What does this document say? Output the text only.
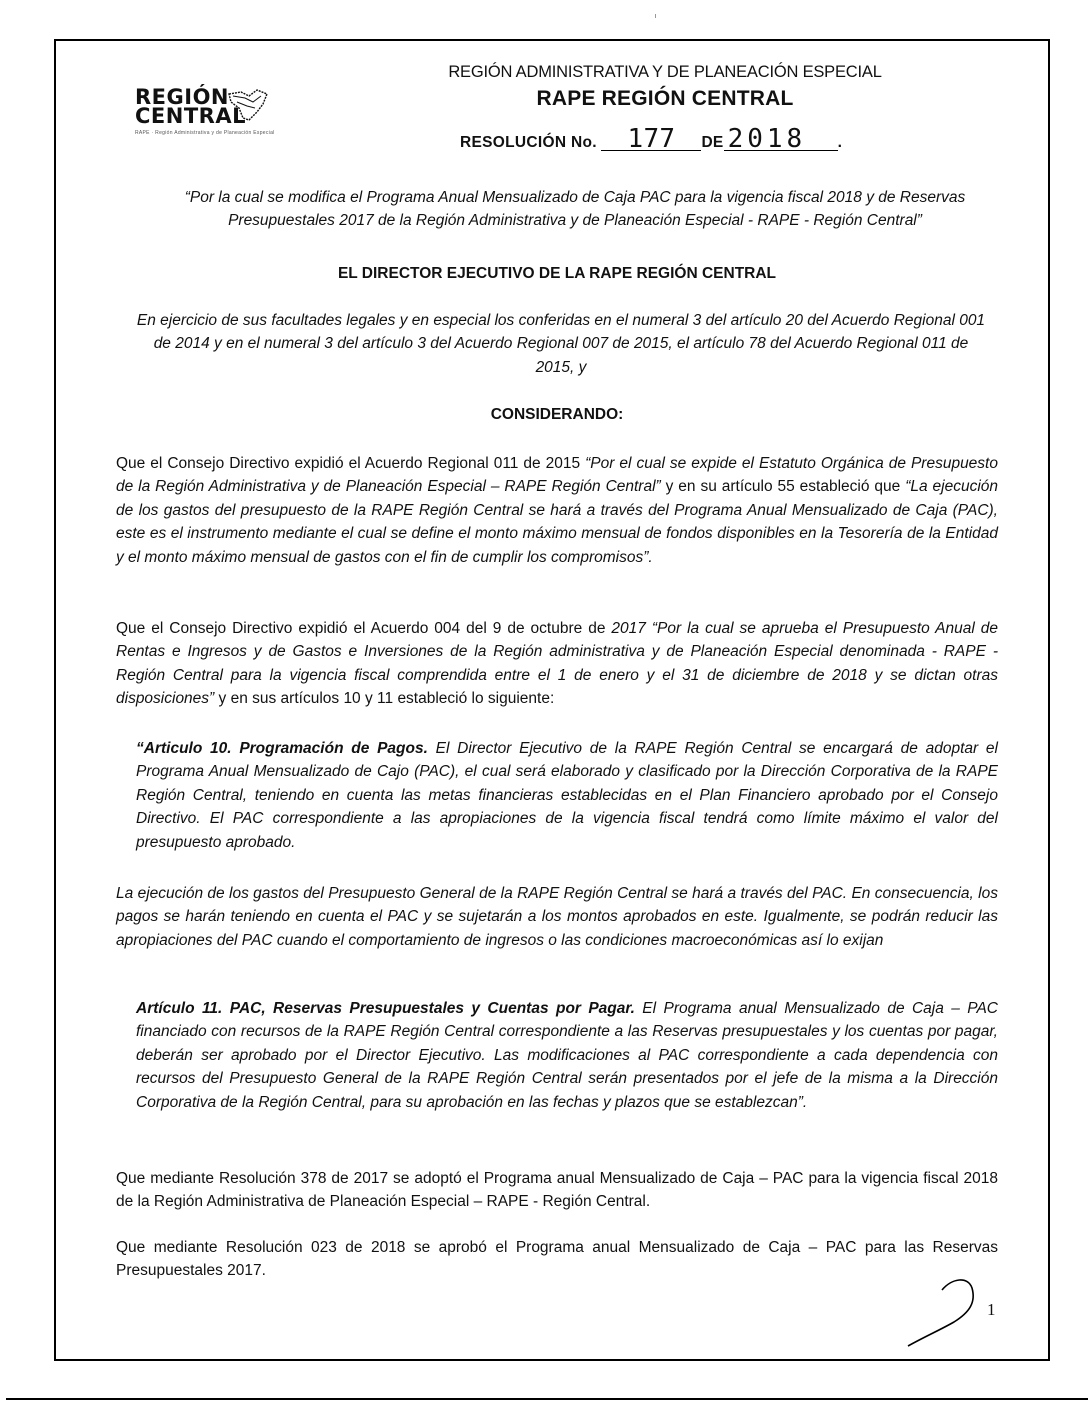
REGIÓN
CENTRAL
RAPE · Región Administrativa y de Planeación Especial
REGIÓN ADMINISTRATIVA Y DE PLANEACIÓN ESPECIAL
RAPE REGIÓN CENTRAL
RESOLUCIÓN No. 177 DE 2018 .
“Por la cual se modifica el Programa Anual Mensualizado de Caja PAC para la vigencia fiscal 2018 y de Reservas Presupuestales 2017 de la Región Administrativa y de Planeación Especial - RAPE - Región Central”
EL DIRECTOR EJECUTIVO DE LA RAPE REGIÓN CENTRAL
En ejercicio de sus facultades legales y en especial los conferidas en el numeral 3 del artículo 20 del Acuerdo Regional 001 de 2014 y en el numeral 3 del artículo 3 del Acuerdo Regional 007 de 2015, el artículo 78 del Acuerdo Regional 011 de 2015, y
CONSIDERANDO:
Que el Consejo Directivo expidió el Acuerdo Regional 011 de 2015 “Por el cual se expide el Estatuto Orgánica de Presupuesto de la Región Administrativa y de Planeación Especial – RAPE Región Central” y en su artículo 55 estableció que “La ejecución de los gastos del presupuesto de la RAPE Región Central se hará a través del Programa Anual Mensualizado de Caja (PAC), este es el instrumento mediante el cual se define el monto máximo mensual de fondos disponibles en la Tesorería de la Entidad y el monto máximo mensual de gastos con el fin de cumplir los compromisos”.
Que el Consejo Directivo expidió el Acuerdo 004 del 9 de octubre de 2017 “Por la cual se aprueba el Presupuesto Anual de Rentas e Ingresos y de Gastos e Inversiones de la Región administrativa y de Planeación Especial denominada - RAPE - Región Central para la vigencia fiscal comprendida entre el 1 de enero y el 31 de diciembre de 2018 y se dictan otras disposiciones” y en sus artículos 10 y 11 estableció lo siguiente:
“Articulo 10. Programación de Pagos. El Director Ejecutivo de la RAPE Región Central se encargará de adoptar el Programa Anual Mensualizado de Cajo (PAC), el cual será elaborado y clasificado por la Dirección Corporativa de la RAPE Región Central, teniendo en cuenta las metas financieras establecidas en el Plan Financiero aprobado por el Consejo Directivo. El PAC correspondiente a las apropiaciones de la vigencia fiscal tendrá como límite máximo el valor del presupuesto aprobado.
La ejecución de los gastos del Presupuesto General de la RAPE Región Central se hará a través del PAC. En consecuencia, los pagos se harán teniendo en cuenta el PAC y se sujetarán a los montos aprobados en este. Igualmente, se podrán reducir las apropiaciones del PAC cuando el comportamiento de ingresos o las condiciones macroeconómicas así lo exijan
Artículo 11. PAC, Reservas Presupuestales y Cuentas por Pagar. El Programa anual Mensualizado de Caja – PAC financiado con recursos de la RAPE Región Central correspondiente a las Reservas presupuestales y los cuentas por pagar, deberán ser aprobado por el Director Ejecutivo. Las modificaciones al PAC correspondiente a cada dependencia con recursos del Presupuesto General de la RAPE Región Central serán presentados por el jefe de la misma a la Dirección Corporativa de la Región Central, para su aprobación en las fechas y plazos que se establezcan”.
Que mediante Resolución 378 de 2017 se adoptó el Programa anual Mensualizado de Caja – PAC para la vigencia fiscal 2018 de la Región Administrativa de Planeación Especial – RAPE - Región Central.
Que mediante Resolución 023 de 2018 se aprobó el Programa anual Mensualizado de Caja – PAC para las Reservas Presupuestales 2017.
1
